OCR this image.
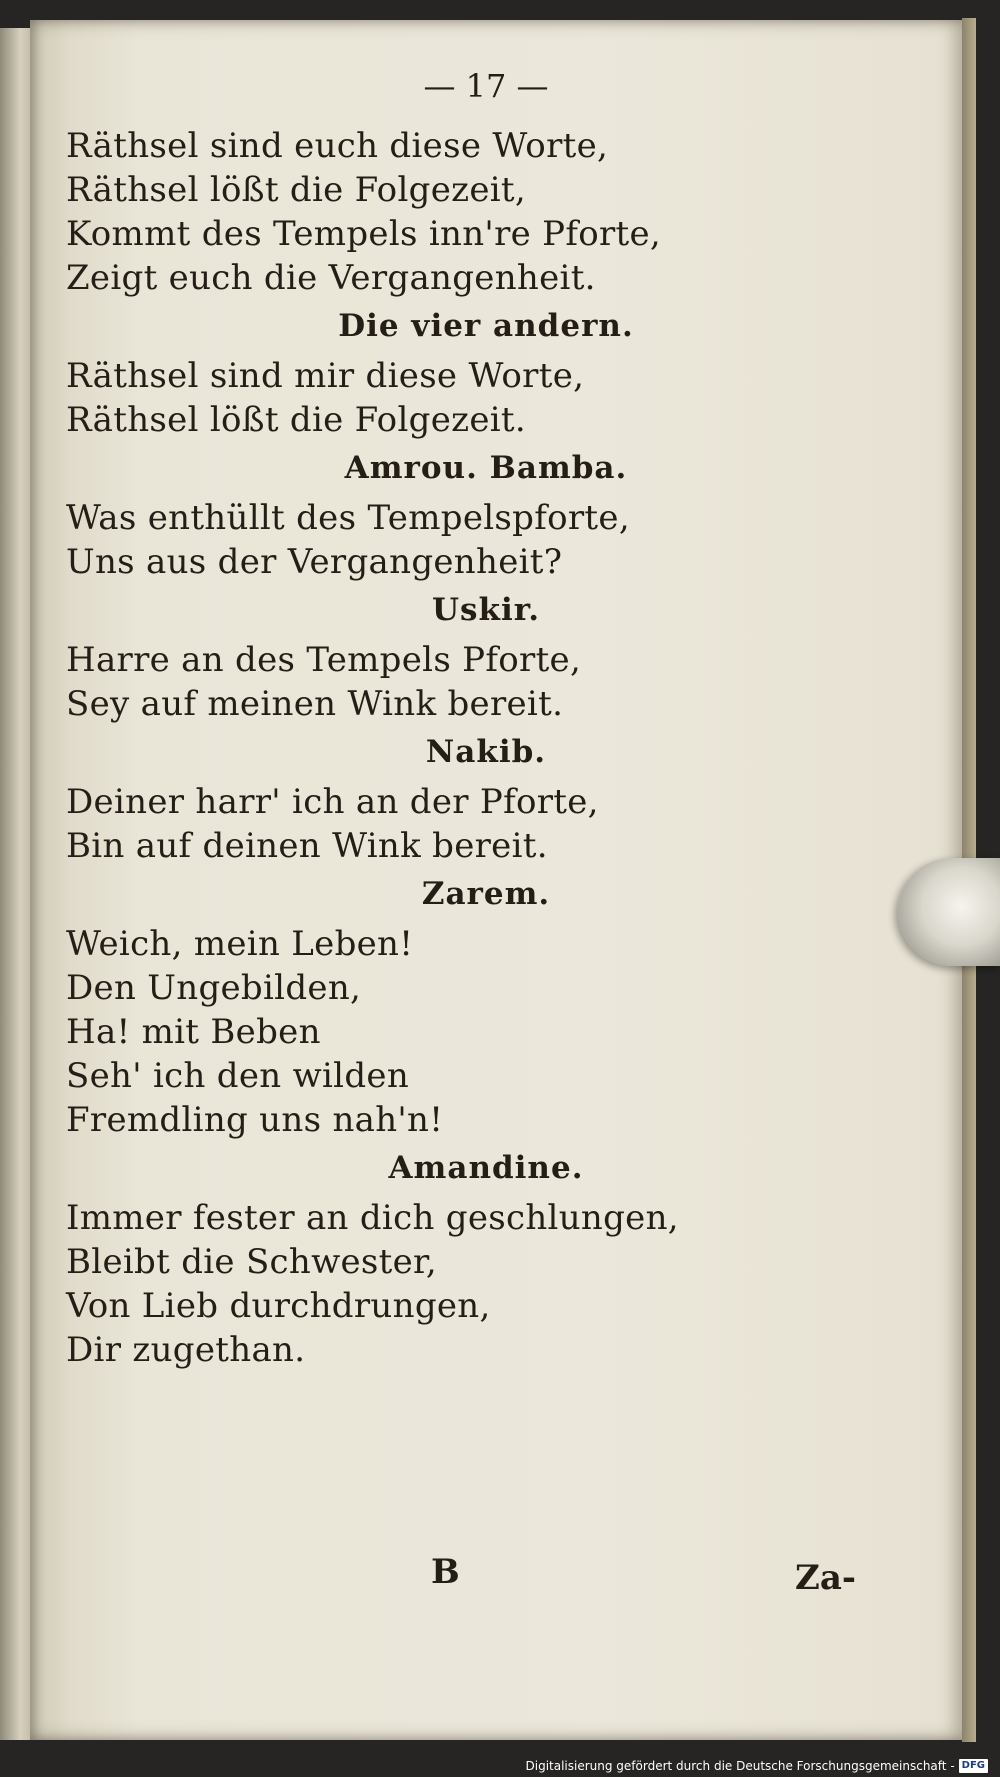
— 17 —
Räthsel sind euch diese Worte,
Räthsel lößt die Folgezeit,
Kommt des Tempels inn're Pforte,
Zeigt euch die Vergangenheit.
Die vier andern.
Räthsel sind mir diese Worte,
Räthsel lößt die Folgezeit.
Amrou. Bamba.
Was enthüllt des Tempelspforte,
Uns aus der Vergangenheit?
Uskir.
Harre an des Tempels Pforte,
Sey auf meinen Wink bereit.
Nakib.
Deiner harr' ich an der Pforte,
Bin auf deinen Wink bereit.
Zarem.
Weich, mein Leben!
Den Ungebilden,
Ha! mit Beben
Seh' ich den wilden
Fremdling uns nah'n!
Amandine.
Immer fester an dich geschlungen,
Bleibt die Schwester,
Von Lieb durchdrungen,
Dir zugethan.
B	Za-
Digitalisierung gefördert durch die Deutsche Forschungsgemeinschaft - DFG
